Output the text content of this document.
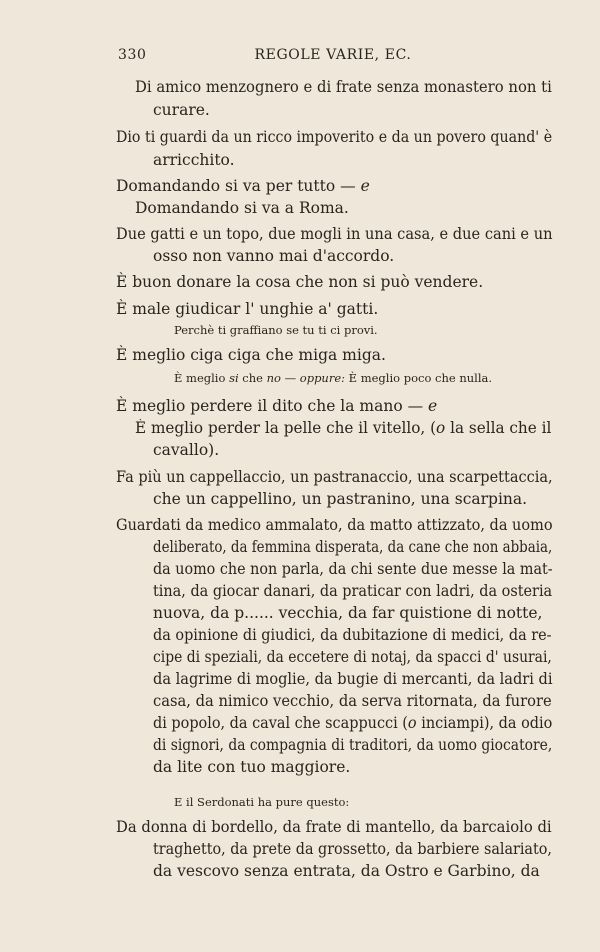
330	REGOLE VARIE, EC.
Di amico menzognero e di frate senza monastero non ti
curare.
Dio ti guardi da un ricco impoverito e da un povero quand' è
arricchito.
Domandando si va per tutto — e
Domandando si va a Roma.
Due gatti e un topo, due mogli in una casa, e due cani e un
osso non vanno mai d'accordo.
È buon donare la cosa che non si può vendere.
È male giudicar l' unghie a' gatti.
Perchè ti graffiano se tu ti ci provi.
È meglio ciga ciga che miga miga.
È meglio si che no — oppure: È meglio poco che nulla.
È meglio perdere il dito che la mano — e
È meglio perder la pelle che il vitello, (o la sella che il
cavallo).
Fa più un cappellaccio, un pastranaccio, una scarpettaccia,
che un cappellino, un pastranino, una scarpina.
Guardati da medico ammalato, da matto attizzato, da uomo
deliberato, da femmina disperata, da cane che non abbaia,
da uomo che non parla, da chi sente due messe la mat-
tina, da giocar danari, da praticar con ladri, da osteria
nuova, da p...... vecchia, da far quistione di notte,
da opinione di giudici, da dubitazione di medici, da re-
cipe di speziali, da eccetere di notaj, da spacci d' usurai,
da lagrime di moglie, da bugie di mercanti, da ladri di
casa, da nimico vecchio, da serva ritornata, da furore
di popolo, da caval che scappucci (o inciampi), da odio
di signori, da compagnia di traditori, da uomo giocatore,
da lite con tuo maggiore.
E il Serdonati ha pure questo:
Da donna di bordello, da frate di mantello, da barcaiolo di
traghetto, da prete da grossetto, da barbiere salariato,
da vescovo senza entrata, da Ostro e Garbino, da
